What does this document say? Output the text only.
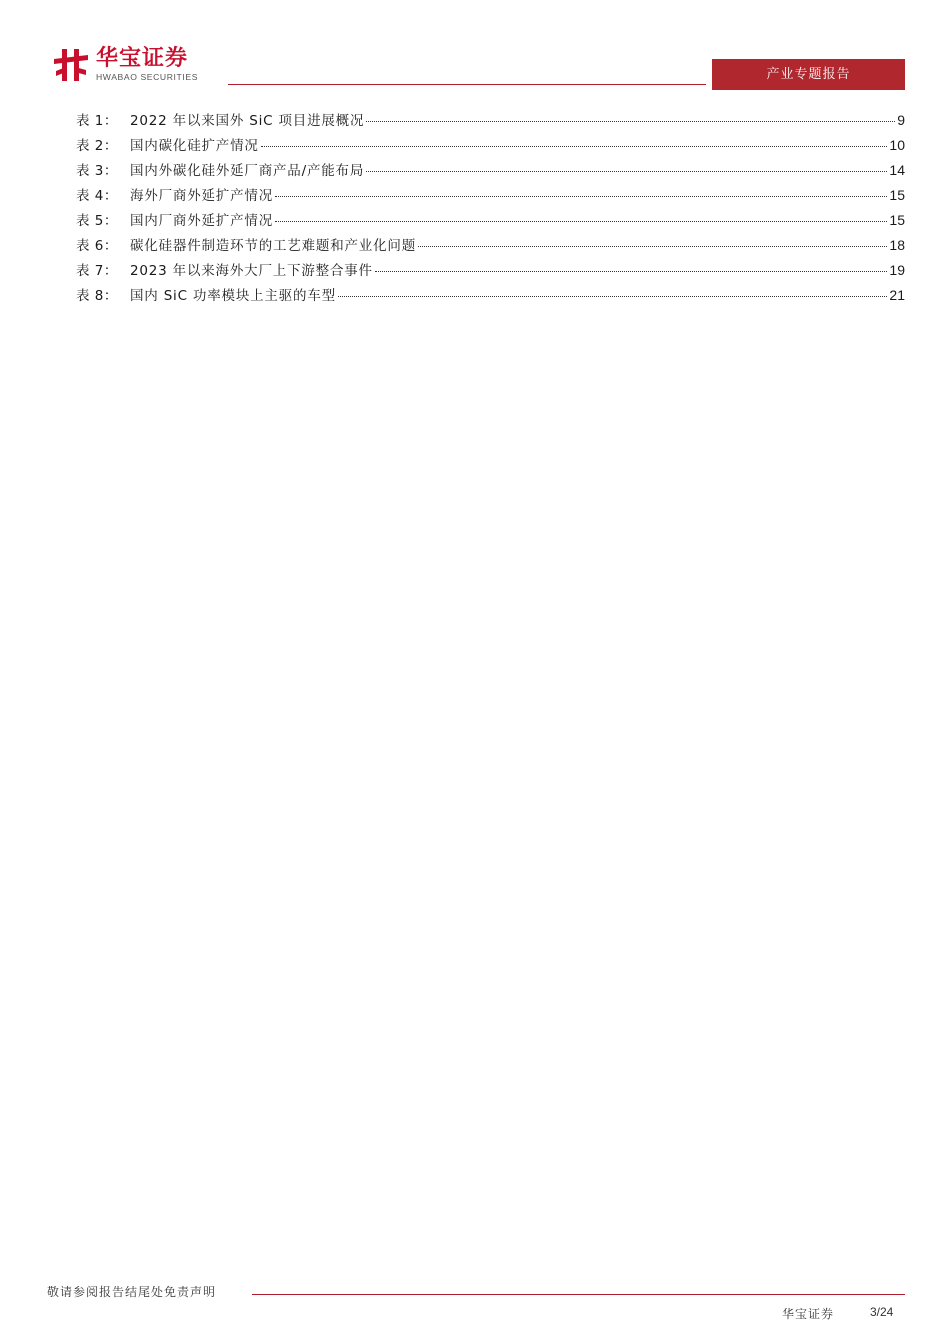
华宝证券
HWABAO SECURITIES	产业专题报告
表 1： 2022 年以来国外 SiC 项目进展概况	9
表 2： 国内碳化硅扩产情况	10
表 3： 国内外碳化硅外延厂商产品/产能布局	14
表 4： 海外厂商外延扩产情况	15
表 5： 国内厂商外延扩产情况	15
表 6： 碳化硅器件制造环节的工艺难题和产业化问题	18
表 7： 2023 年以来海外大厂上下游整合事件	19
表 8： 国内 SiC 功率模块上主驱的车型	21
敬请参阅报告结尾处免责声明
华宝证券	3/24
